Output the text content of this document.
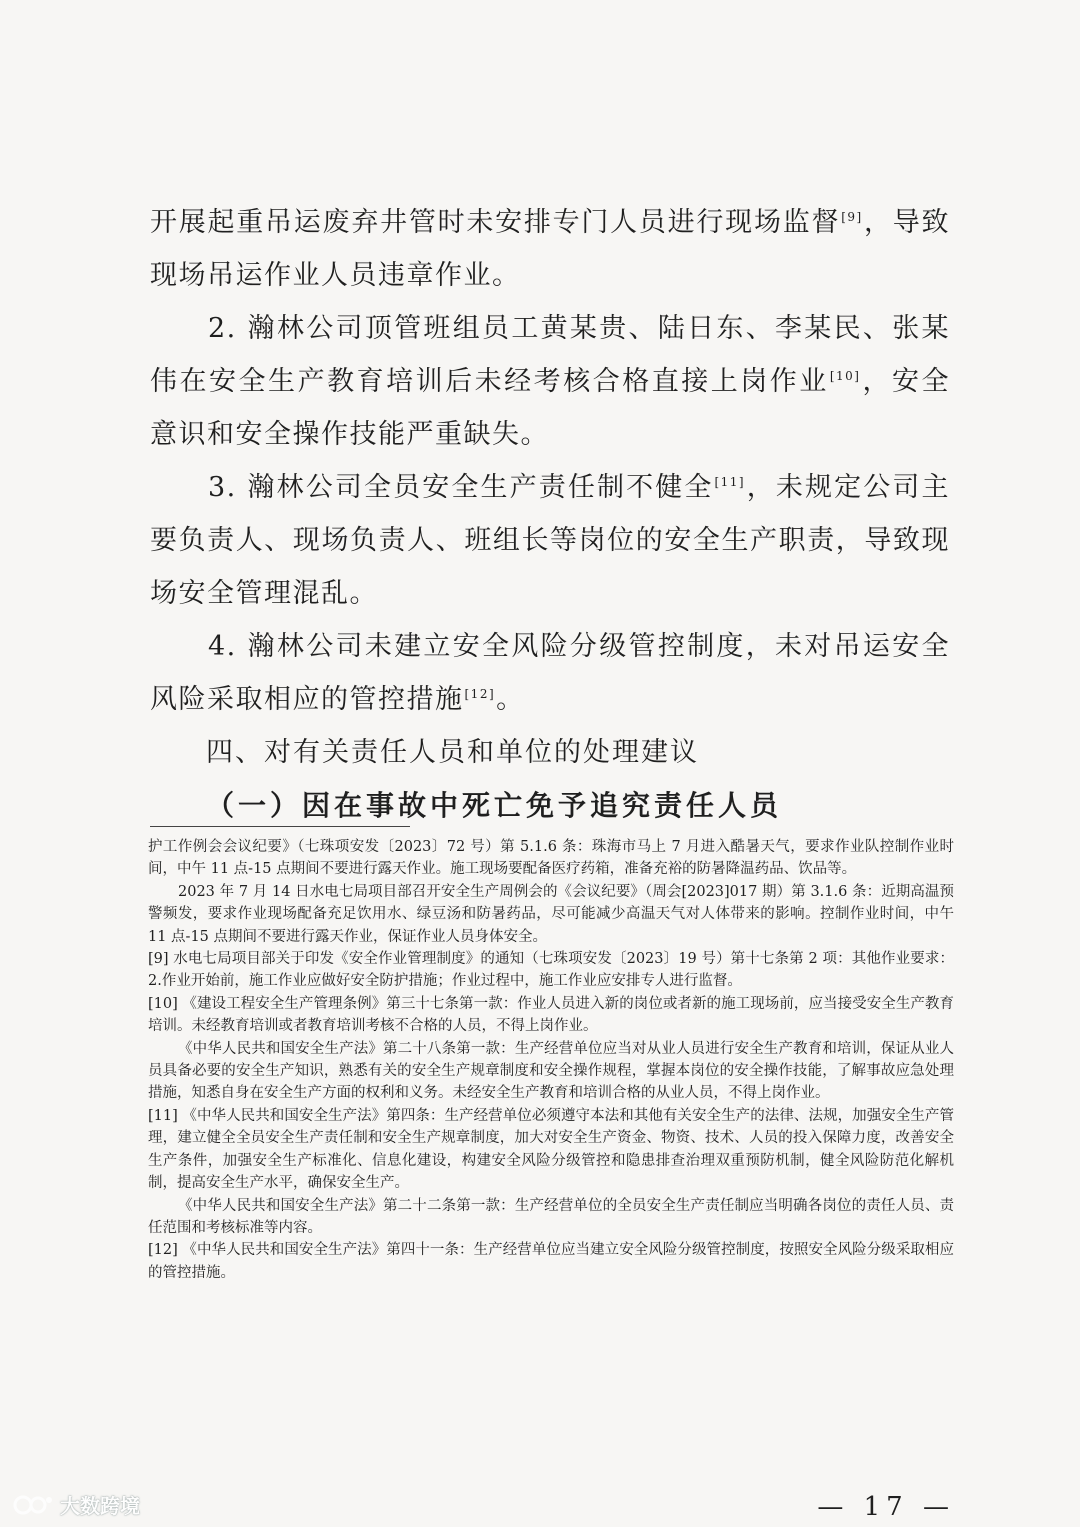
开展起重吊运废弃井管时未安排专门人员进行现场监督[9]，导致现场吊运作业人员违章作业。

2. 瀚林公司顶管班组员工黄某贵、陆日东、李某民、张某伟在安全生产教育培训后未经考核合格直接上岗作业[10]，安全意识和安全操作技能严重缺失。

3. 瀚林公司全员安全生产责任制不健全[11]，未规定公司主要负责人、现场负责人、班组长等岗位的安全生产职责，导致现场安全管理混乱。

4. 瀚林公司未建立安全风险分级管控制度，未对吊运安全风险采取相应的管控措施[12]。

四、对有关责任人员和单位的处理建议

（一）因在事故中死亡免予追究责任人员

护工作例会会议纪要》（七珠项安发〔2023〕72 号）第 5.1.6 条：珠海市马上 7 月进入酷暑天气，要求作业队控制作业时间，中午 11 点-15 点期间不要进行露天作业。施工现场要配备医疗药箱，准备充裕的防暑降温药品、饮品等。

2023 年 7 月 14 日水电七局项目部召开安全生产周例会的《会议纪要》（周会[2023]017 期）第 3.1.6 条：近期高温预警频发，要求作业现场配备充足饮用水、绿豆汤和防暑药品，尽可能减少高温天气对人体带来的影响。控制作业时间，中午 11 点-15 点期间不要进行露天作业，保证作业人员身体安全。

[9] 水电七局项目部关于印发《安全作业管理制度》的通知（七珠项安发〔2023〕19 号）第十七条第 2 项：其他作业要求：2.作业开始前，施工作业应做好安全防护措施；作业过程中，施工作业应安排专人进行监督。

[10] 《建设工程安全生产管理条例》第三十七条第一款：作业人员进入新的岗位或者新的施工现场前，应当接受安全生产教育培训。未经教育培训或者教育培训考核不合格的人员，不得上岗作业。

《中华人民共和国安全生产法》第二十八条第一款：生产经营单位应当对从业人员进行安全生产教育和培训，保证从业人员具备必要的安全生产知识，熟悉有关的安全生产规章制度和安全操作规程，掌握本岗位的安全操作技能，了解事故应急处理措施，知悉自身在安全生产方面的权利和义务。未经安全生产教育和培训合格的从业人员，不得上岗作业。

[11] 《中华人民共和国安全生产法》第四条：生产经营单位必须遵守本法和其他有关安全生产的法律、法规，加强安全生产管理，建立健全全员安全生产责任制和安全生产规章制度，加大对安全生产资金、物资、技术、人员的投入保障力度，改善安全生产条件，加强安全生产标准化、信息化建设，构建安全风险分级管控和隐患排查治理双重预防机制，健全风险防范化解机制，提高安全生产水平，确保安全生产。

《中华人民共和国安全生产法》第二十二条第一款：生产经营单位的全员安全生产责任制应当明确各岗位的责任人员、责任范围和考核标准等内容。

[12] 《中华人民共和国安全生产法》第四十一条：生产经营单位应当建立安全风险分级管控制度，按照安全风险分级采取相应的管控措施。

— 17 —
大数跨境
